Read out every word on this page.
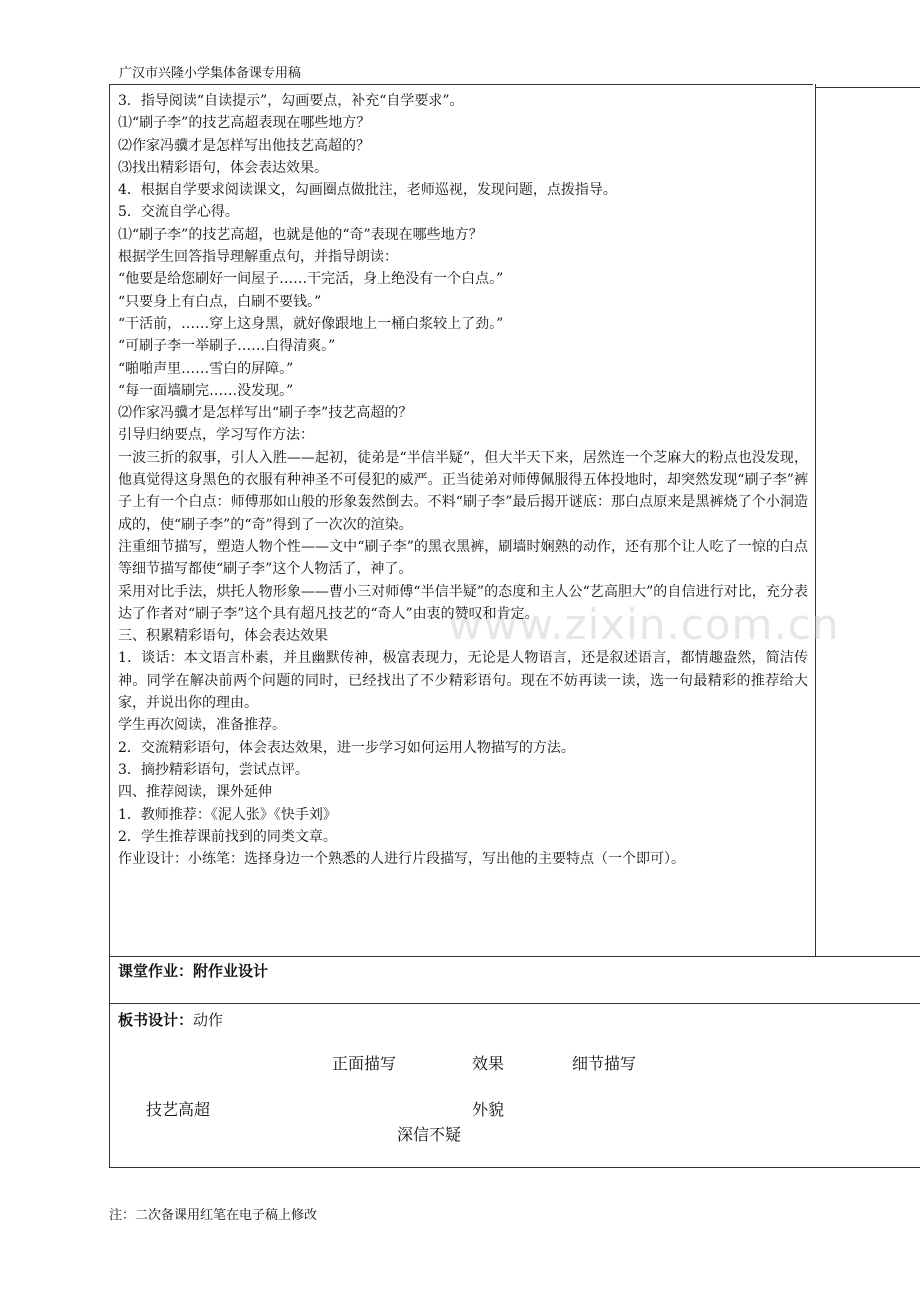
广汉市兴隆小学集体备课专用稿
www.zixin.com.cn
3．指导阅读“自读提示”，勾画要点，补充“自学要求”。
⑴“刷子李”的技艺高超表现在哪些地方？
⑵作家冯骥才是怎样写出他技艺高超的？
⑶找出精彩语句，体会表达效果。
4．根据自学要求阅读课文，勾画圈点做批注，老师巡视，发现问题，点拨指导。
5．交流自学心得。
⑴“刷子李”的技艺高超，也就是他的“奇”表现在哪些地方？
根据学生回答指导理解重点句，并指导朗读：
“他要是给您刷好一间屋子……干完活，身上绝没有一个白点。”
“只要身上有白点，白刷不要钱。”
“干活前，……穿上这身黑，就好像跟地上一桶白浆较上了劲。”
“可刷子李一举刷子……白得清爽。”
“啪啪声里……雪白的屏障。”
“每一面墙刷完……没发现。”
⑵作家冯骥才是怎样写出“刷子李”技艺高超的？
引导归纳要点，学习写作方法：
一波三折的叙事，引人入胜——起初，徒弟是“半信半疑”，但大半天下来，居然连一个芝麻大的粉点也没发现，他真觉得这身黑色的衣服有种神圣不可侵犯的威严。正当徒弟对师傅佩服得五体投地时，却突然发现“刷子李”裤子上有一个白点：师傅那如山般的形象轰然倒去。不料“刷子李”最后揭开谜底：那白点原来是黑裤烧了个小洞造成的，使“刷子李”的“奇”得到了一次次的渲染。
注重细节描写，塑造人物个性——文中“刷子李”的黑衣黑裤，刷墙时娴熟的动作，还有那个让人吃了一惊的白点等细节描写都使“刷子李”这个人物活了，神了。
采用对比手法，烘托人物形象——曹小三对师傅“半信半疑”的态度和主人公“艺高胆大”的自信进行对比，充分表达了作者对“刷子李”这个具有超凡技艺的“奇人”由衷的赞叹和肯定。
三、积累精彩语句，体会表达效果
1．谈话：本文语言朴素，并且幽默传神，极富表现力，无论是人物语言，还是叙述语言，都情趣盎然，简洁传神。同学在解决前两个问题的同时，已经找出了不少精彩语句。现在不妨再读一读，选一句最精彩的推荐给大家，并说出你的理由。
学生再次阅读，准备推荐。
2．交流精彩语句，体会表达效果，进一步学习如何运用人物描写的方法。
3．摘抄精彩语句，尝试点评。
四、推荐阅读，课外延伸
1．教师推荐：《泥人张》《快手刘》
2．学生推荐课前找到的同类文章。
作业设计：小练笔：选择身边一个熟悉的人进行片段描写，写出他的主要特点（一个即可）。
课堂作业：附作业设计
板书设计：动作
正面描写	效果	细节描写
技艺高超	外貌
深信不疑
注：二次备课用红笔在电子稿上修改
